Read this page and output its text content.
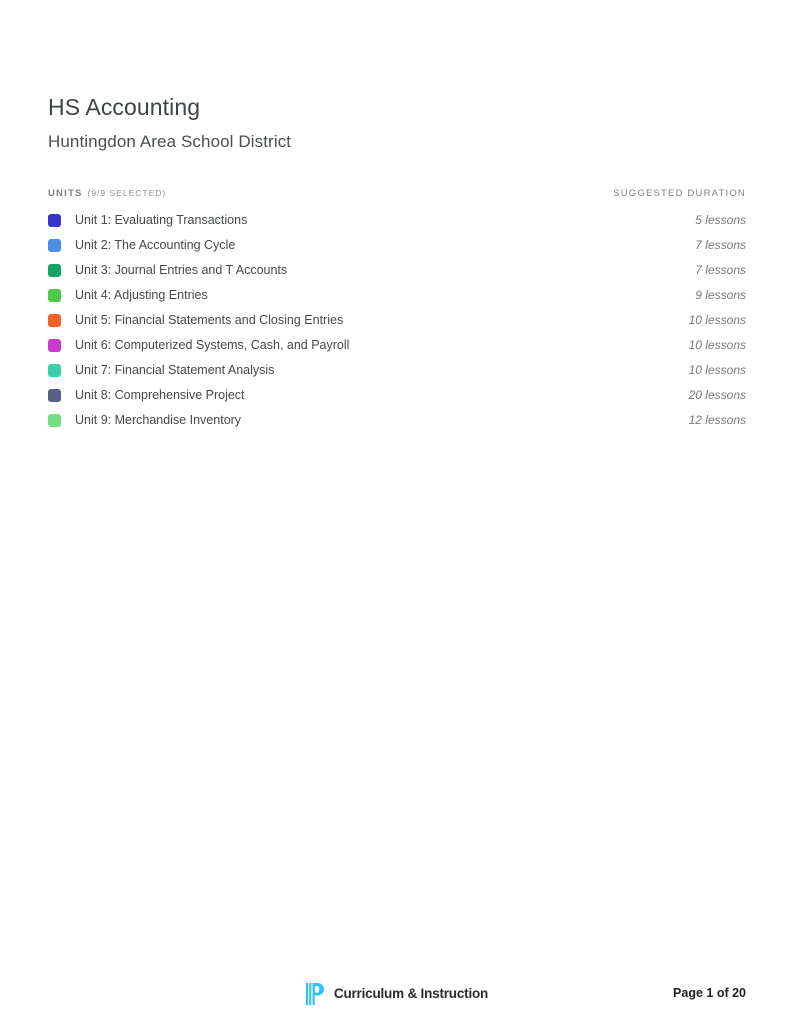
HS Accounting
Huntingdon Area School District
UNITS (9/9 SELECTED)	SUGGESTED DURATION
Unit 1: Evaluating Transactions	5 lessons
Unit 2: The Accounting Cycle	7 lessons
Unit 3: Journal Entries and T Accounts	7 lessons
Unit 4: Adjusting Entries	9 lessons
Unit 5: Financial Statements and Closing Entries	10 lessons
Unit 6: Computerized Systems, Cash, and Payroll	10 lessons
Unit 7: Financial Statement Analysis	10 lessons
Unit 8: Comprehensive Project	20 lessons
Unit 9: Merchandise Inventory	12 lessons
Curriculum & Instruction	Page 1 of 20
